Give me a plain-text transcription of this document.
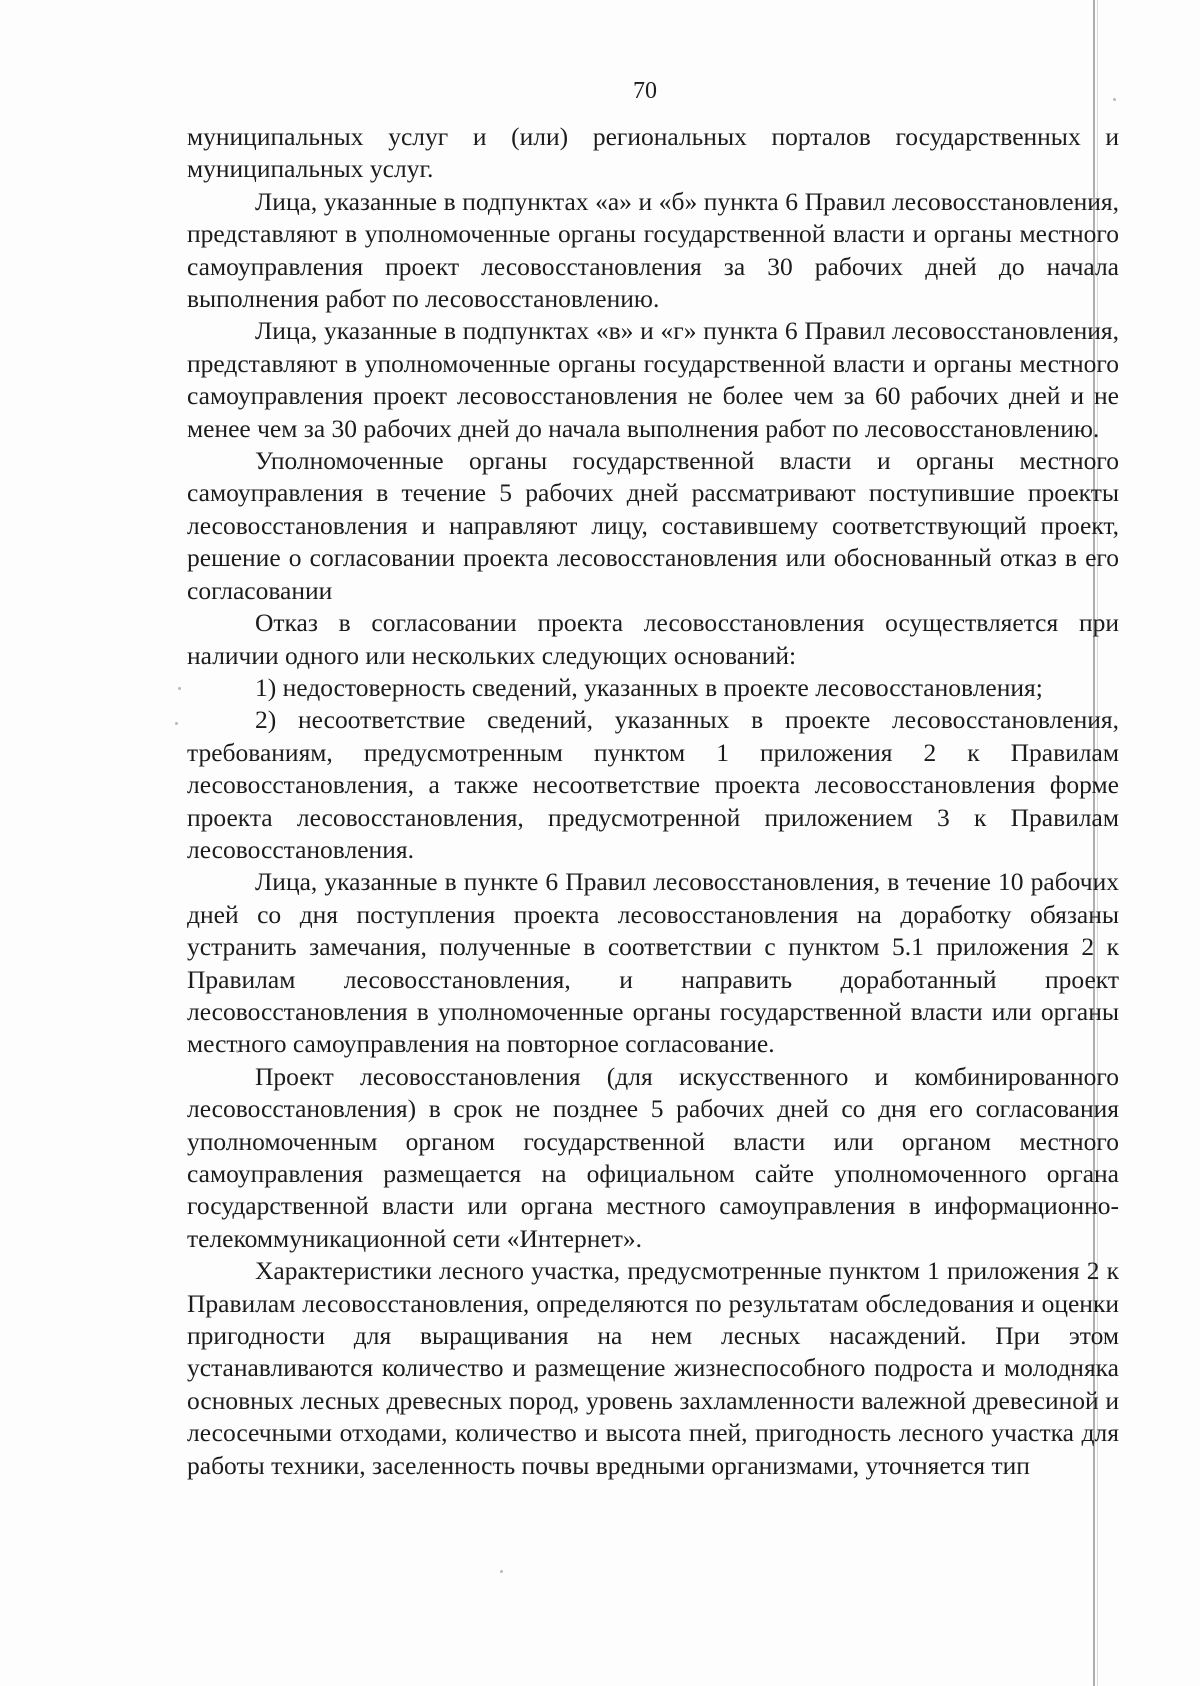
70

муниципальных услуг и (или) региональных порталов государственных и муниципальных услуг.

Лица, указанные в подпунктах «а» и «б» пункта 6 Правил лесовосстановления, представляют в уполномоченные органы государственной власти и органы местного самоуправления проект лесовосстановления за 30 рабочих дней до начала выполнения работ по лесовосстановлению.

Лица, указанные в подпунктах «в» и «г» пункта 6 Правил лесовосстановления, представляют в уполномоченные органы государственной власти и органы местного самоуправления проект лесовосстановления не более чем за 60 рабочих дней и не менее чем за 30 рабочих дней до начала выполнения работ по лесовосстановлению.

Уполномоченные органы государственной власти и органы местного самоуправления в течение 5 рабочих дней рассматривают поступившие проекты лесовосстановления и направляют лицу, составившему соответствующий проект, решение о согласовании проекта лесовосстановления или обоснованный отказ в его согласовании

Отказ в согласовании проекта лесовосстановления осуществляется при наличии одного или нескольких следующих оснований:

1) недостоверность сведений, указанных в проекте лесовосстановления;

2) несоответствие сведений, указанных в проекте лесовосстановления, требованиям, предусмотренным пунктом 1 приложения 2 к Правилам лесовосстановления, а также несоответствие проекта лесовосстановления форме проекта лесовосстановления, предусмотренной приложением 3 к Правилам лесовосстановления.

Лица, указанные в пункте 6 Правил лесовосстановления, в течение 10 рабочих дней со дня поступления проекта лесовосстановления на доработку обязаны устранить замечания, полученные в соответствии с пунктом 5.1 приложения 2 к Правилам лесовосстановления, и направить доработанный проект лесовосстановления в уполномоченные органы государственной власти или органы местного самоуправления на повторное согласование.

Проект лесовосстановления (для искусственного и комбинированного лесовосстановления) в срок не позднее 5 рабочих дней со дня его согласования уполномоченным органом государственной власти или органом местного самоуправления размещается на официальном сайте уполномоченного органа государственной власти или органа местного самоуправления в информационно-телекоммуникационной сети «Интернет».

Характеристики лесного участка, предусмотренные пунктом 1 приложения 2 к Правилам лесовосстановления, определяются по результатам обследования и оценки пригодности для выращивания на нем лесных насаждений. При этом устанавливаются количество и размещение жизнеспособного подроста и молодняка основных лесных древесных пород, уровень захламленности валежной древесиной и лесосечными отходами, количество и высота пней, пригодность лесного участка для работы техники, заселенность почвы вредными организмами, уточняется тип
